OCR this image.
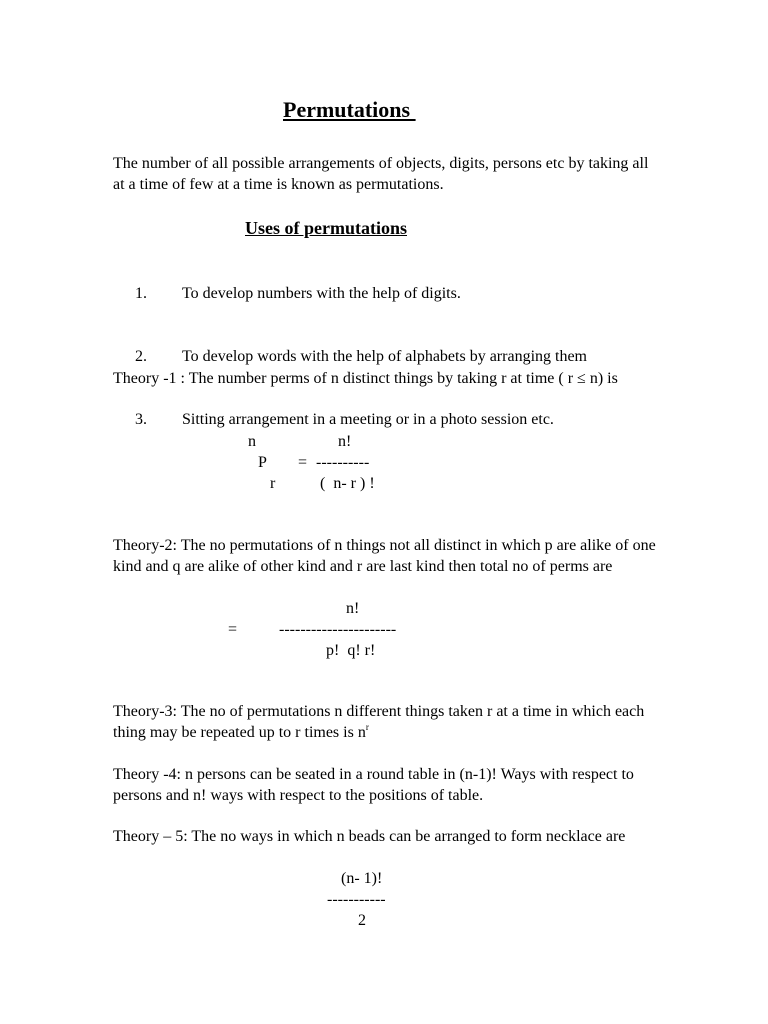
Permutations
The number of all possible arrangements of objects, digits, persons etc by taking all at a time of few at a time is known as permutations.
Uses of permutations

1. To develop numbers with the help of digits.

2. To develop words with the help of alphabets by arranging them

3. Sitting arrangement in a meeting or in a photo session etc.

Theory -1 : The number perms of n distinct things by taking r at time ( r ≤ n) is
n	n!
P = ----------
r	(  n- r ) !
Theory-2: The no permutations of n things not all distinct in which p are alike of one kind and q are alike of other kind and r are last kind then total no of perms are
n!
=	----------------------
p!  q! r!
Theory-3: The no of permutations n different things taken r at a time in which each thing may be repeated up to r times is $n^r$
Theory -4: n persons can be seated in a round table in (n-1)! Ways with respect to persons and n! ways with respect to the positions of table.
Theory – 5: The no ways in which n beads can be arranged to form necklace are
(n- 1)!
-----------
2
